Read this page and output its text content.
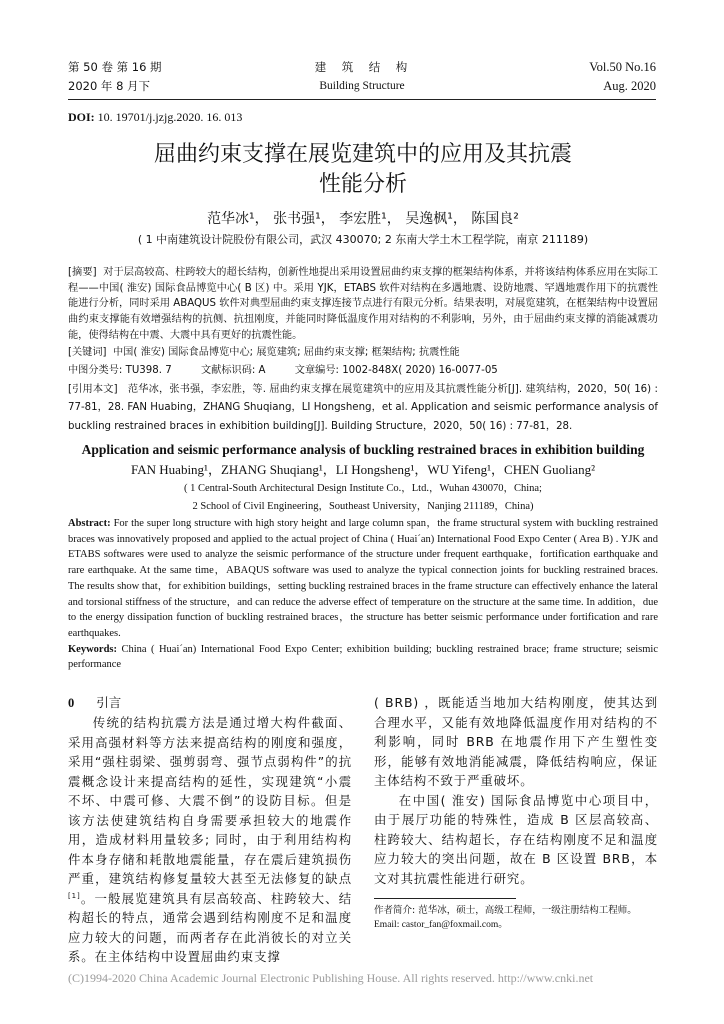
第 50 卷 第 16 期
2020 年 8 月下
建　筑　结　构
Building Structure
Vol.50 No.16
Aug. 2020
DOI: 10. 19701/j.jzjg.2020. 16. 013
屈曲约束支撑在展览建筑中的应用及其抗震
性能分析
范华冰¹， 张书强¹， 李宏胜¹， 吴逸枫¹， 陈国良²
( 1 中南建筑设计院股份有限公司，武汉 430070; 2 东南大学土木工程学院，南京 211189)
[摘要] 对于层高较高、柱跨较大的超长结构，创新性地提出采用设置屈曲约束支撑的框架结构体系，并将该结构体系应用在实际工程——中国( 淮安) 国际食品博览中心( B 区) 中。采用 YJK，ETABS 软件对结构在多遇地震、设防地震、罕遇地震作用下的抗震性能进行分析，同时采用 ABAQUS 软件对典型屈曲约束支撑连接节点进行有限元分析。结果表明，对展览建筑，在框架结构中设置屈曲约束支撑能有效增强结构的抗侧、抗扭刚度，并能同时降低温度作用对结构的不利影响，另外，由于屈曲约束支撑的消能减震功能，使得结构在中震、大震中具有更好的抗震性能。
[关键词] 中国( 淮安) 国际食品博览中心; 展览建筑; 屈曲约束支撑; 框架结构; 抗震性能
中图分类号: TU398. 7	文献标识码: A	文章编号: 1002-848X( 2020) 16-0077-05
[引用本文] 范华冰，张书强，李宏胜，等. 屈曲约束支撑在展览建筑中的应用及其抗震性能分析[J]. 建筑结构，2020，50( 16) : 77-81，28. FAN Huabing，ZHANG Shuqiang，LI Hongsheng，et al. Application and seismic performance analysis of buckling restrained braces in exhibition building[J]. Building Structure，2020，50( 16) : 77-81，28.
Application and seismic performance analysis of buckling restrained braces in exhibition building
FAN Huabing¹，ZHANG Shuqiang¹，LI Hongsheng¹，WU Yifeng¹，CHEN Guoliang²
( 1 Central-South Architectural Design Institute Co.，Ltd.，Wuhan 430070，China;
2 School of Civil Engineering，Southeast University，Nanjing 211189，China)
Abstract: For the super long structure with high story height and large column span，the frame structural system with buckling restrained braces was innovatively proposed and applied to the actual project of China ( Huai´an) International Food Expo Center ( Area B) . YJK and ETABS softwares were used to analyze the seismic performance of the structure under frequent earthquake，fortification earthquake and rare earthquake. At the same time，ABAQUS software was used to analyze the typical connection joints for buckling restrained braces. The results show that，for exhibition buildings，setting buckling restrained braces in the frame structure can effectively enhance the lateral and torsional stiffness of the structure，and can reduce the adverse effect of temperature on the structure at the same time. In addition，due to the energy dissipation function of buckling restrained braces，the structure has better seismic performance under fortification and rare earthquakes.
Keywords: China ( Huai´an) International Food Expo Center; exhibition building; buckling restrained brace; frame structure; seismic performance
0 引言
传统的结构抗震方法是通过增大构件截面、采用高强材料等方法来提高结构的刚度和强度，采用“强柱弱梁、强剪弱弯、强节点弱构件”的抗震概念设计来提高结构的延性，实现建筑“小震不坏、中震可修、大震不倒”的设防目标。但是该方法使建筑结构自身需要承担较大的地震作用，造成材料用量较多; 同时，由于利用结构构件本身存储和耗散地震能量，存在震后建筑损伤严重，建筑结构修复量较大甚至无法修复的缺点[1]。一般展览建筑具有层高较高、柱跨较大、结构超长的特点，通常会遇到结构刚度不足和温度应力较大的问题，而两者存在此消彼长的对立关系。在主体结构中设置屈曲约束支撑
( BRB) ，既能适当地加大结构刚度，使其达到合理水平，又能有效地降低温度作用对结构的不利影响，同时 BRB 在地震作用下产生塑性变形，能够有效地消能减震，降低结构响应，保证主体结构不致于严重破坏。
在中国( 淮安) 国际食品博览中心项目中，由于展厅功能的特殊性，造成 B 区层高较高、柱跨较大、结构超长，存在结构刚度不足和温度应力较大的突出问题，故在 B 区设置 BRB，本文对其抗震性能进行研究。
作者简介: 范华冰，硕士，高级工程师，一级注册结构工程师。
Email: castor_fan@foxmail.com。
(C)1994-2020 China Academic Journal Electronic Publishing House. All rights reserved. http://www.cnki.net
